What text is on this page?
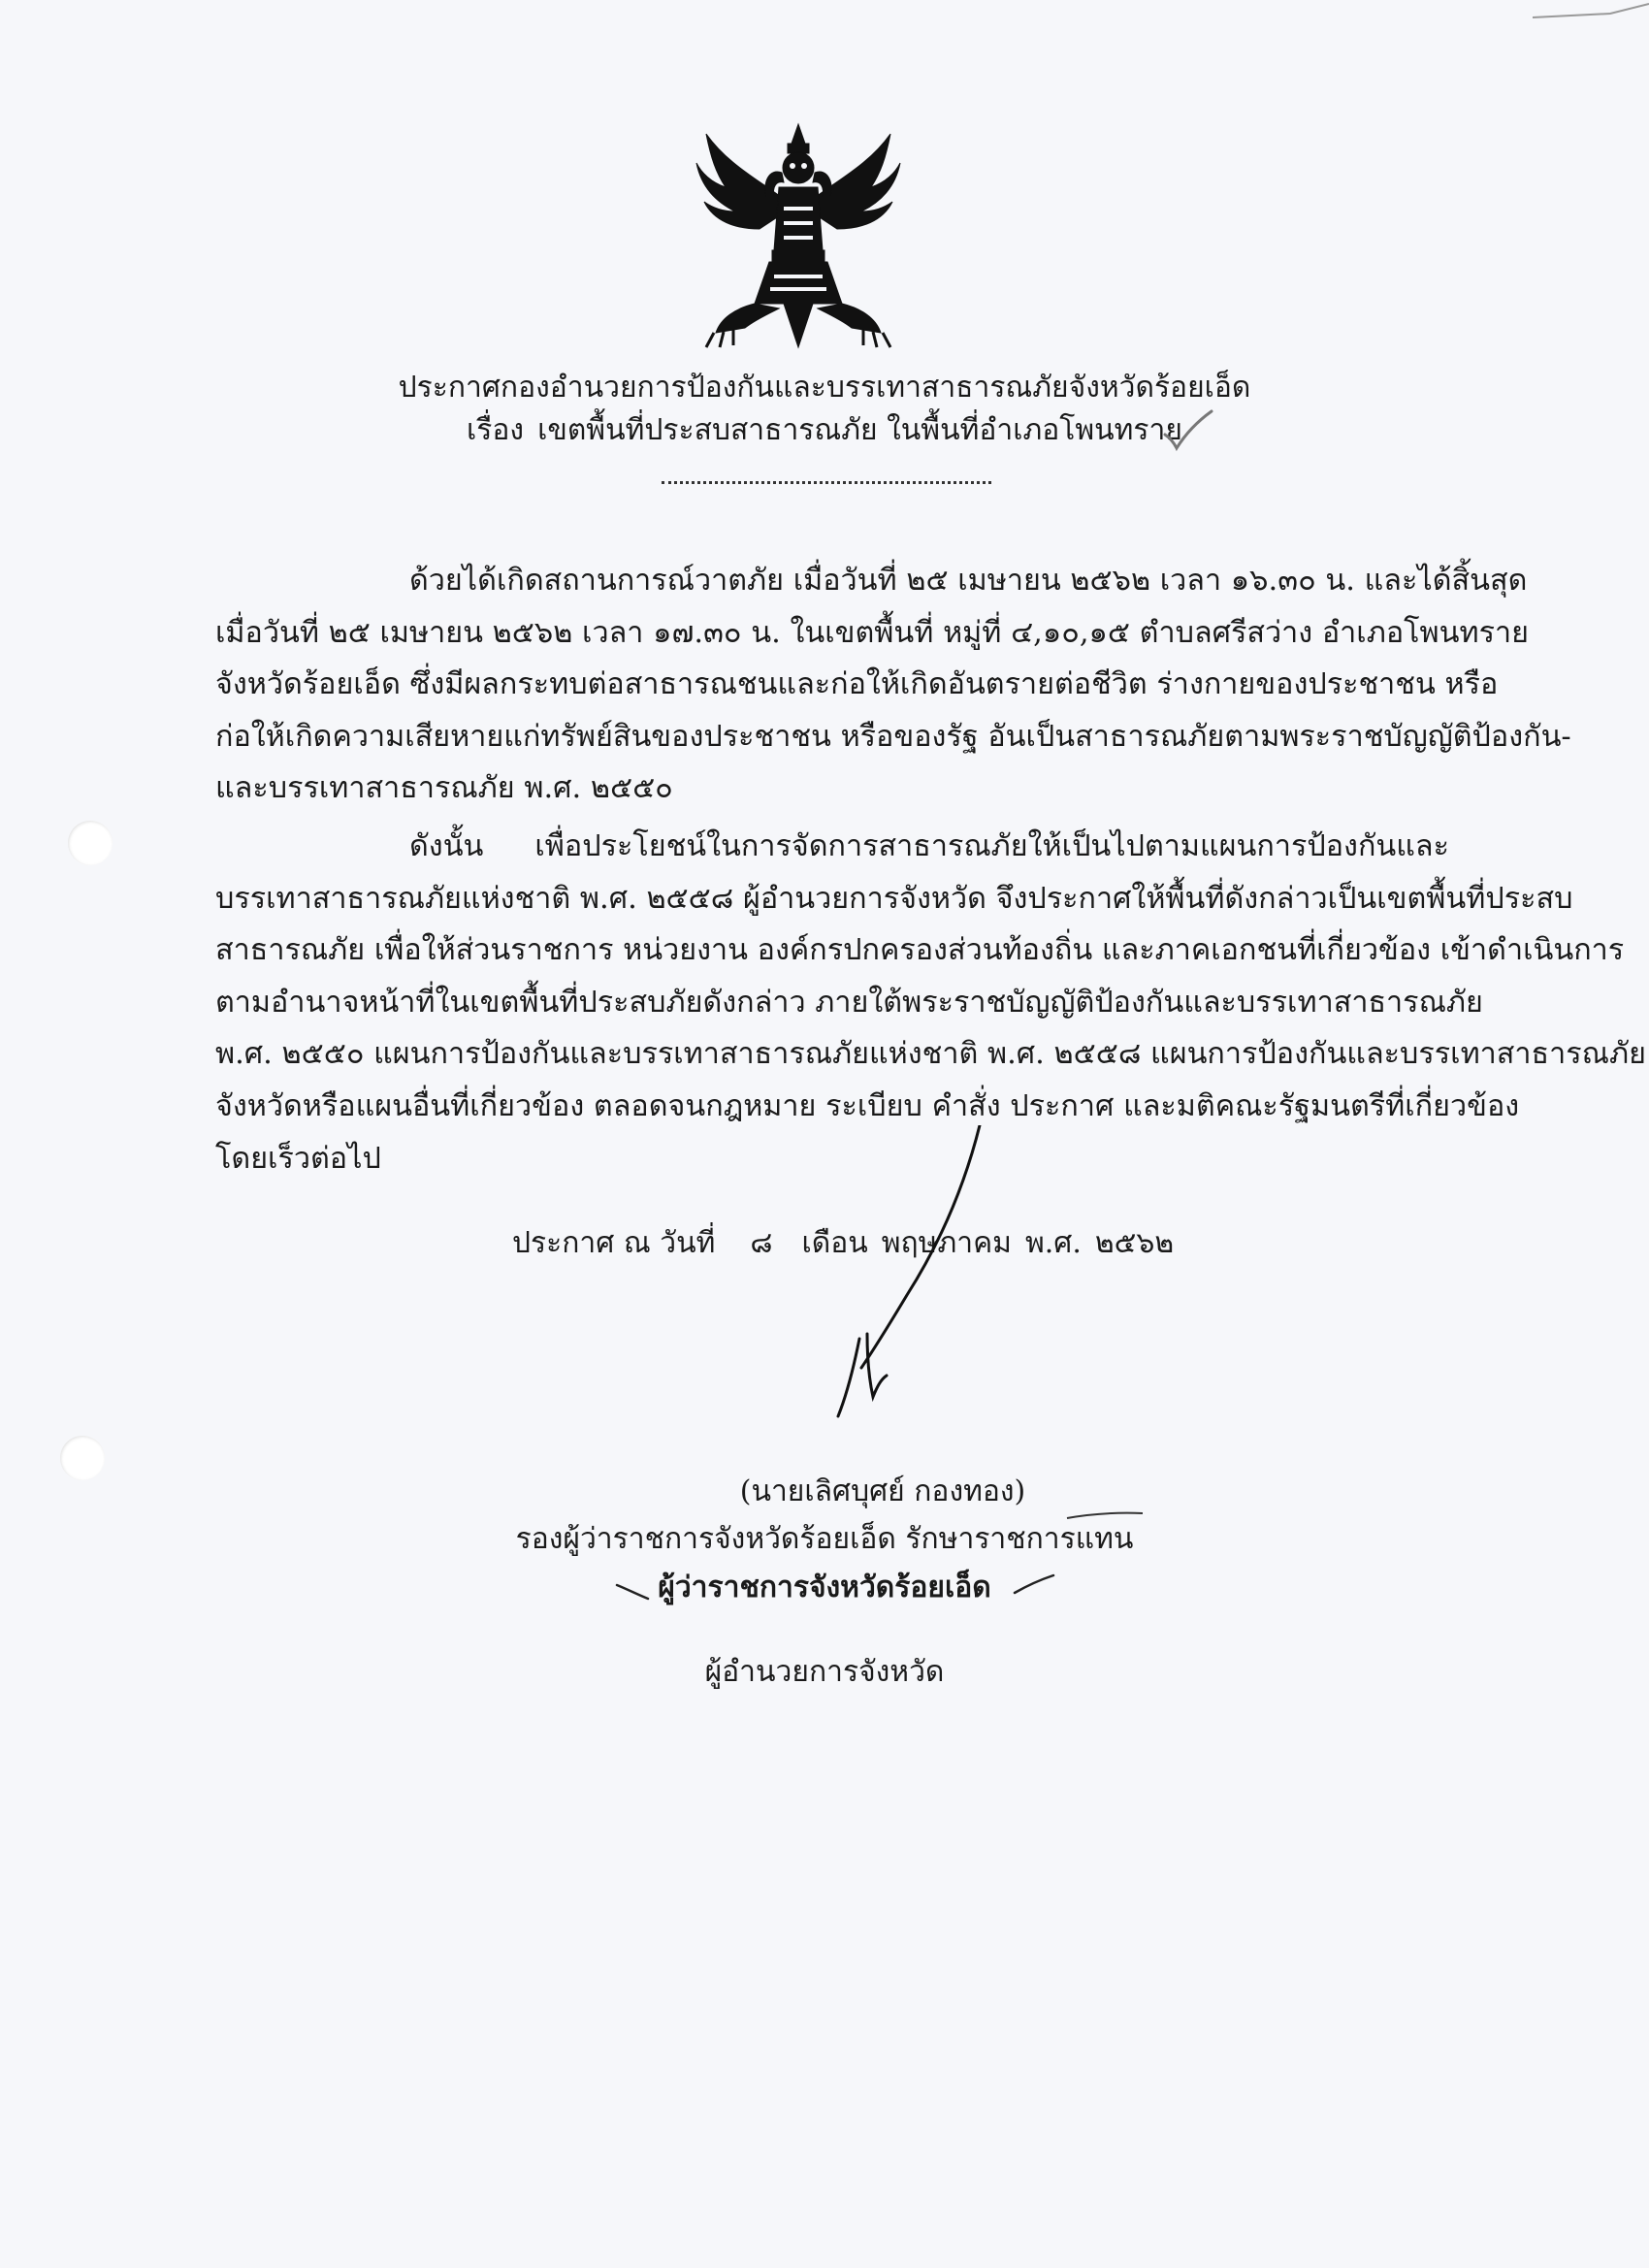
ประกาศกองอำนวยการป้องกันและบรรเทาสาธารณภัยจังหวัดร้อยเอ็ด
เรื่อง เขตพื้นที่ประสบสาธารณภัย ในพื้นที่อำเภอโพนทราย
ด้วยได้เกิดสถานการณ์วาตภัย เมื่อวันที่ ๒๕ เมษายน ๒๕๖๒ เวลา ๑๖.๓๐ น. และได้สิ้นสุด
เมื่อวันที่ ๒๕ เมษายน ๒๕๖๒ เวลา ๑๗.๓๐ น. ในเขตพื้นที่ หมู่ที่ ๔,๑๐,๑๕ ตำบลศรีสว่าง อำเภอโพนทราย
จังหวัดร้อยเอ็ด ซึ่งมีผลกระทบต่อสาธารณชนและก่อให้เกิดอันตรายต่อชีวิต ร่างกายของประชาชน หรือ
ก่อให้เกิดความเสียหายแก่ทรัพย์สินของประชาชน หรือของรัฐ อันเป็นสาธารณภัยตามพระราชบัญญัติป้องกัน-
และบรรเทาสาธารณภัย พ.ศ. ๒๕๕๐
ดังนั้น เพื่อประโยชน์ในการจัดการสาธารณภัยให้เป็นไปตามแผนการป้องกันและ
บรรเทาสาธารณภัยแห่งชาติ พ.ศ. ๒๕๕๘ ผู้อำนวยการจังหวัด จึงประกาศให้พื้นที่ดังกล่าวเป็นเขตพื้นที่ประสบ
สาธารณภัย เพื่อให้ส่วนราชการ หน่วยงาน องค์กรปกครองส่วนท้องถิ่น และภาคเอกชนที่เกี่ยวข้อง เข้าดำเนินการ
ตามอำนาจหน้าที่ในเขตพื้นที่ประสบภัยดังกล่าว ภายใต้พระราชบัญญัติป้องกันและบรรเทาสาธารณภัย
พ.ศ. ๒๕๕๐ แผนการป้องกันและบรรเทาสาธารณภัยแห่งชาติ พ.ศ. ๒๕๕๘ แผนการป้องกันและบรรเทาสาธารณภัย
จังหวัดหรือแผนอื่นที่เกี่ยวข้อง ตลอดจนกฎหมาย ระเบียบ คำสั่ง ประกาศ และมติคณะรัฐมนตรีที่เกี่ยวข้อง
โดยเร็วต่อไป
ประกาศ ณ วันที่ ๘ เดือน พฤษภาคม พ.ศ. ๒๕๖๒
(นายเลิศบุศย์ กองทอง)
รองผู้ว่าราชการจังหวัดร้อยเอ็ด รักษาราชการแทน
ผู้ว่าราชการจังหวัดร้อยเอ็ด
ผู้อำนวยการจังหวัด
